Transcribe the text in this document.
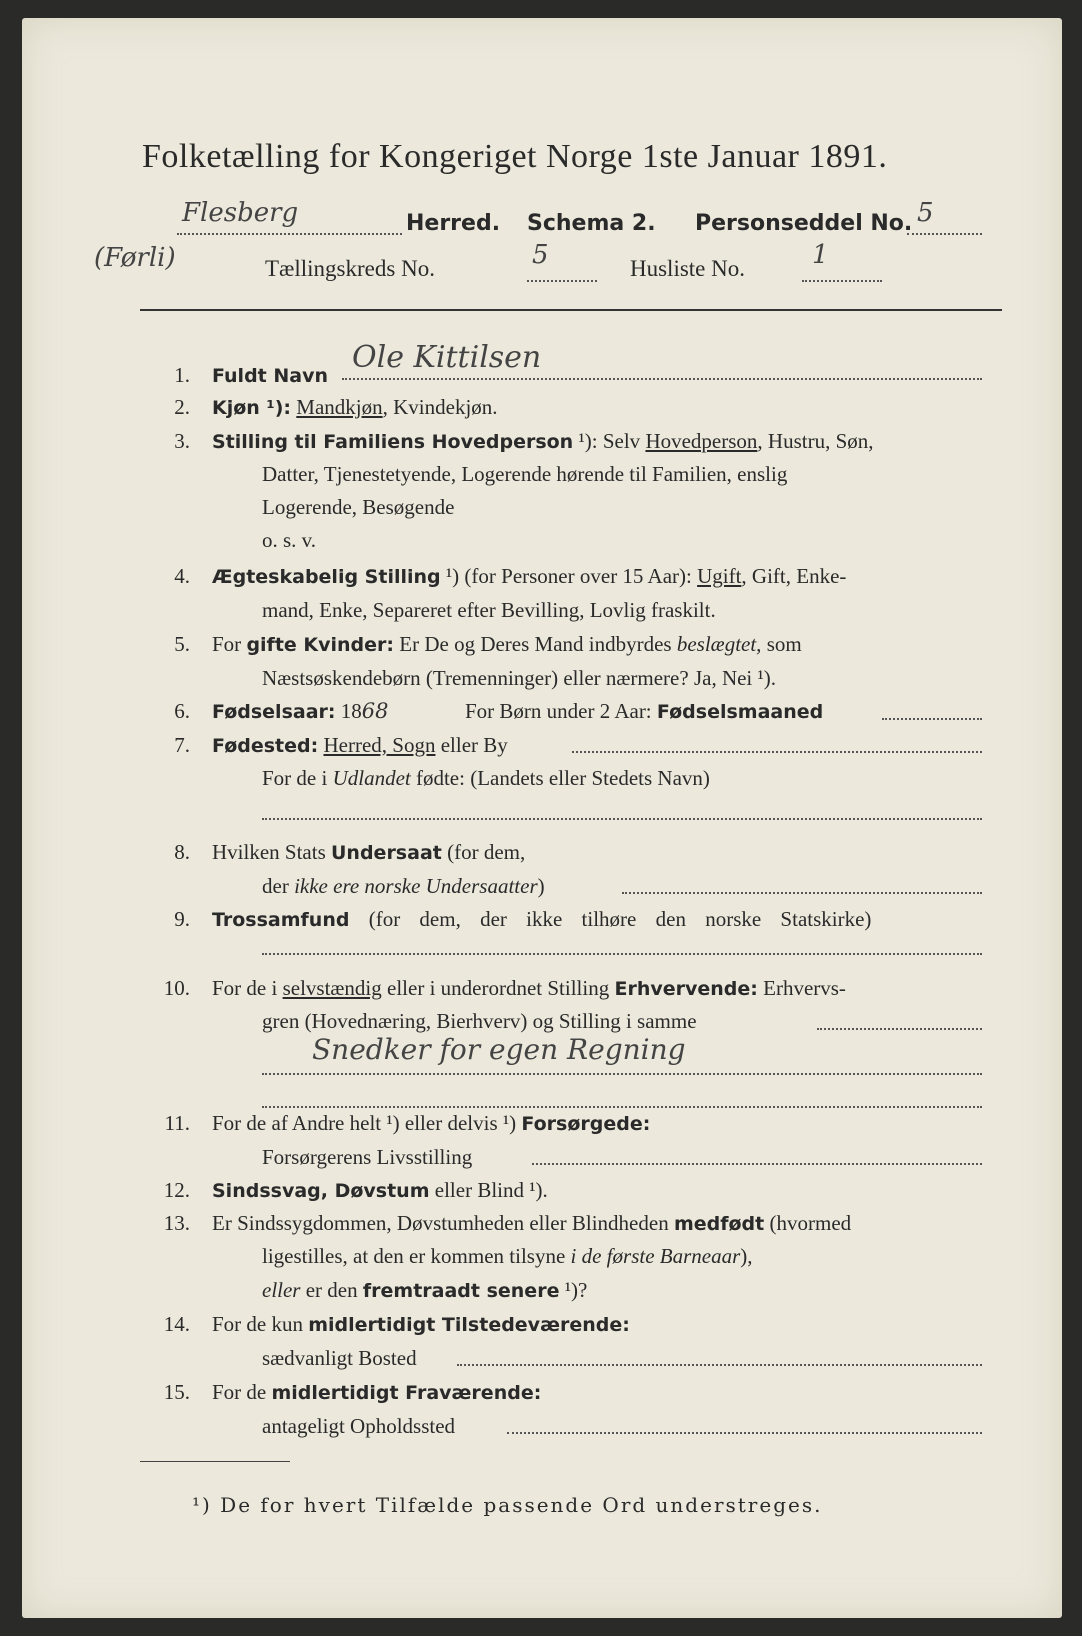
Folketælling for Kongeriget Norge 1ste Januar 1891.
Flesberg	Herred. Schema 2. Personseddel No. 5
(Førli)	Tællingskreds No.	5	Husliste No.	1
1. Fuldt Navn
Ole Kittilsen
2. Kjøn ¹): Mandkjøn, Kvindekjøn.
3. Stilling til Familiens Hovedperson ¹): Selv Hovedperson, Hustru, Søn,
Datter, Tjenestetyende, Logerende hørende til Familien, enslig
Logerende, Besøgende
o. s. v.
4. Ægteskabelig Stilling ¹) (for Personer over 15 Aar): Ugift, Gift, Enke-
mand, Enke, Separeret efter Bevilling, Lovlig fraskilt.
5. For gifte Kvinder: Er De og Deres Mand indbyrdes beslægtet, som
Næstsøskendebørn (Tremenninger) eller nærmere? Ja, Nei ¹).
6. Fødselsaar: 1868	For Børn under 2 Aar: Fødselsmaaned
7. Fødested: Herred, Sogn eller By
For de i Udlandet fødte: (Landets eller Stedets Navn)
8. Hvilken Stats Undersaat (for dem,
der ikke ere norske Undersaatter)
9. Trossamfund (for dem, der ikke tilhøre den norske Statskirke)
10. For de i selvstændig eller i underordnet Stilling Erhvervende: Erhvervs-
gren (Hovednæring, Bierhverv) og Stilling i samme
Snedker for egen Regning
11. For de af Andre helt ¹) eller delvis ¹) Forsørgede:
Forsørgerens Livsstilling
12. Sindssvag, Døvstum eller Blind ¹).
13. Er Sindssygdommen, Døvstumheden eller Blindheden medfødt (hvormed
ligestilles, at den er kommen tilsyne i de første Barneaar),
eller er den fremtraadt senere ¹)?
14. For de kun midlertidigt Tilstedeværende:
sædvanligt Bosted
15. For de midlertidigt Fraværende:
antageligt Opholdssted
¹) De for hvert Tilfælde passende Ord understreges.
